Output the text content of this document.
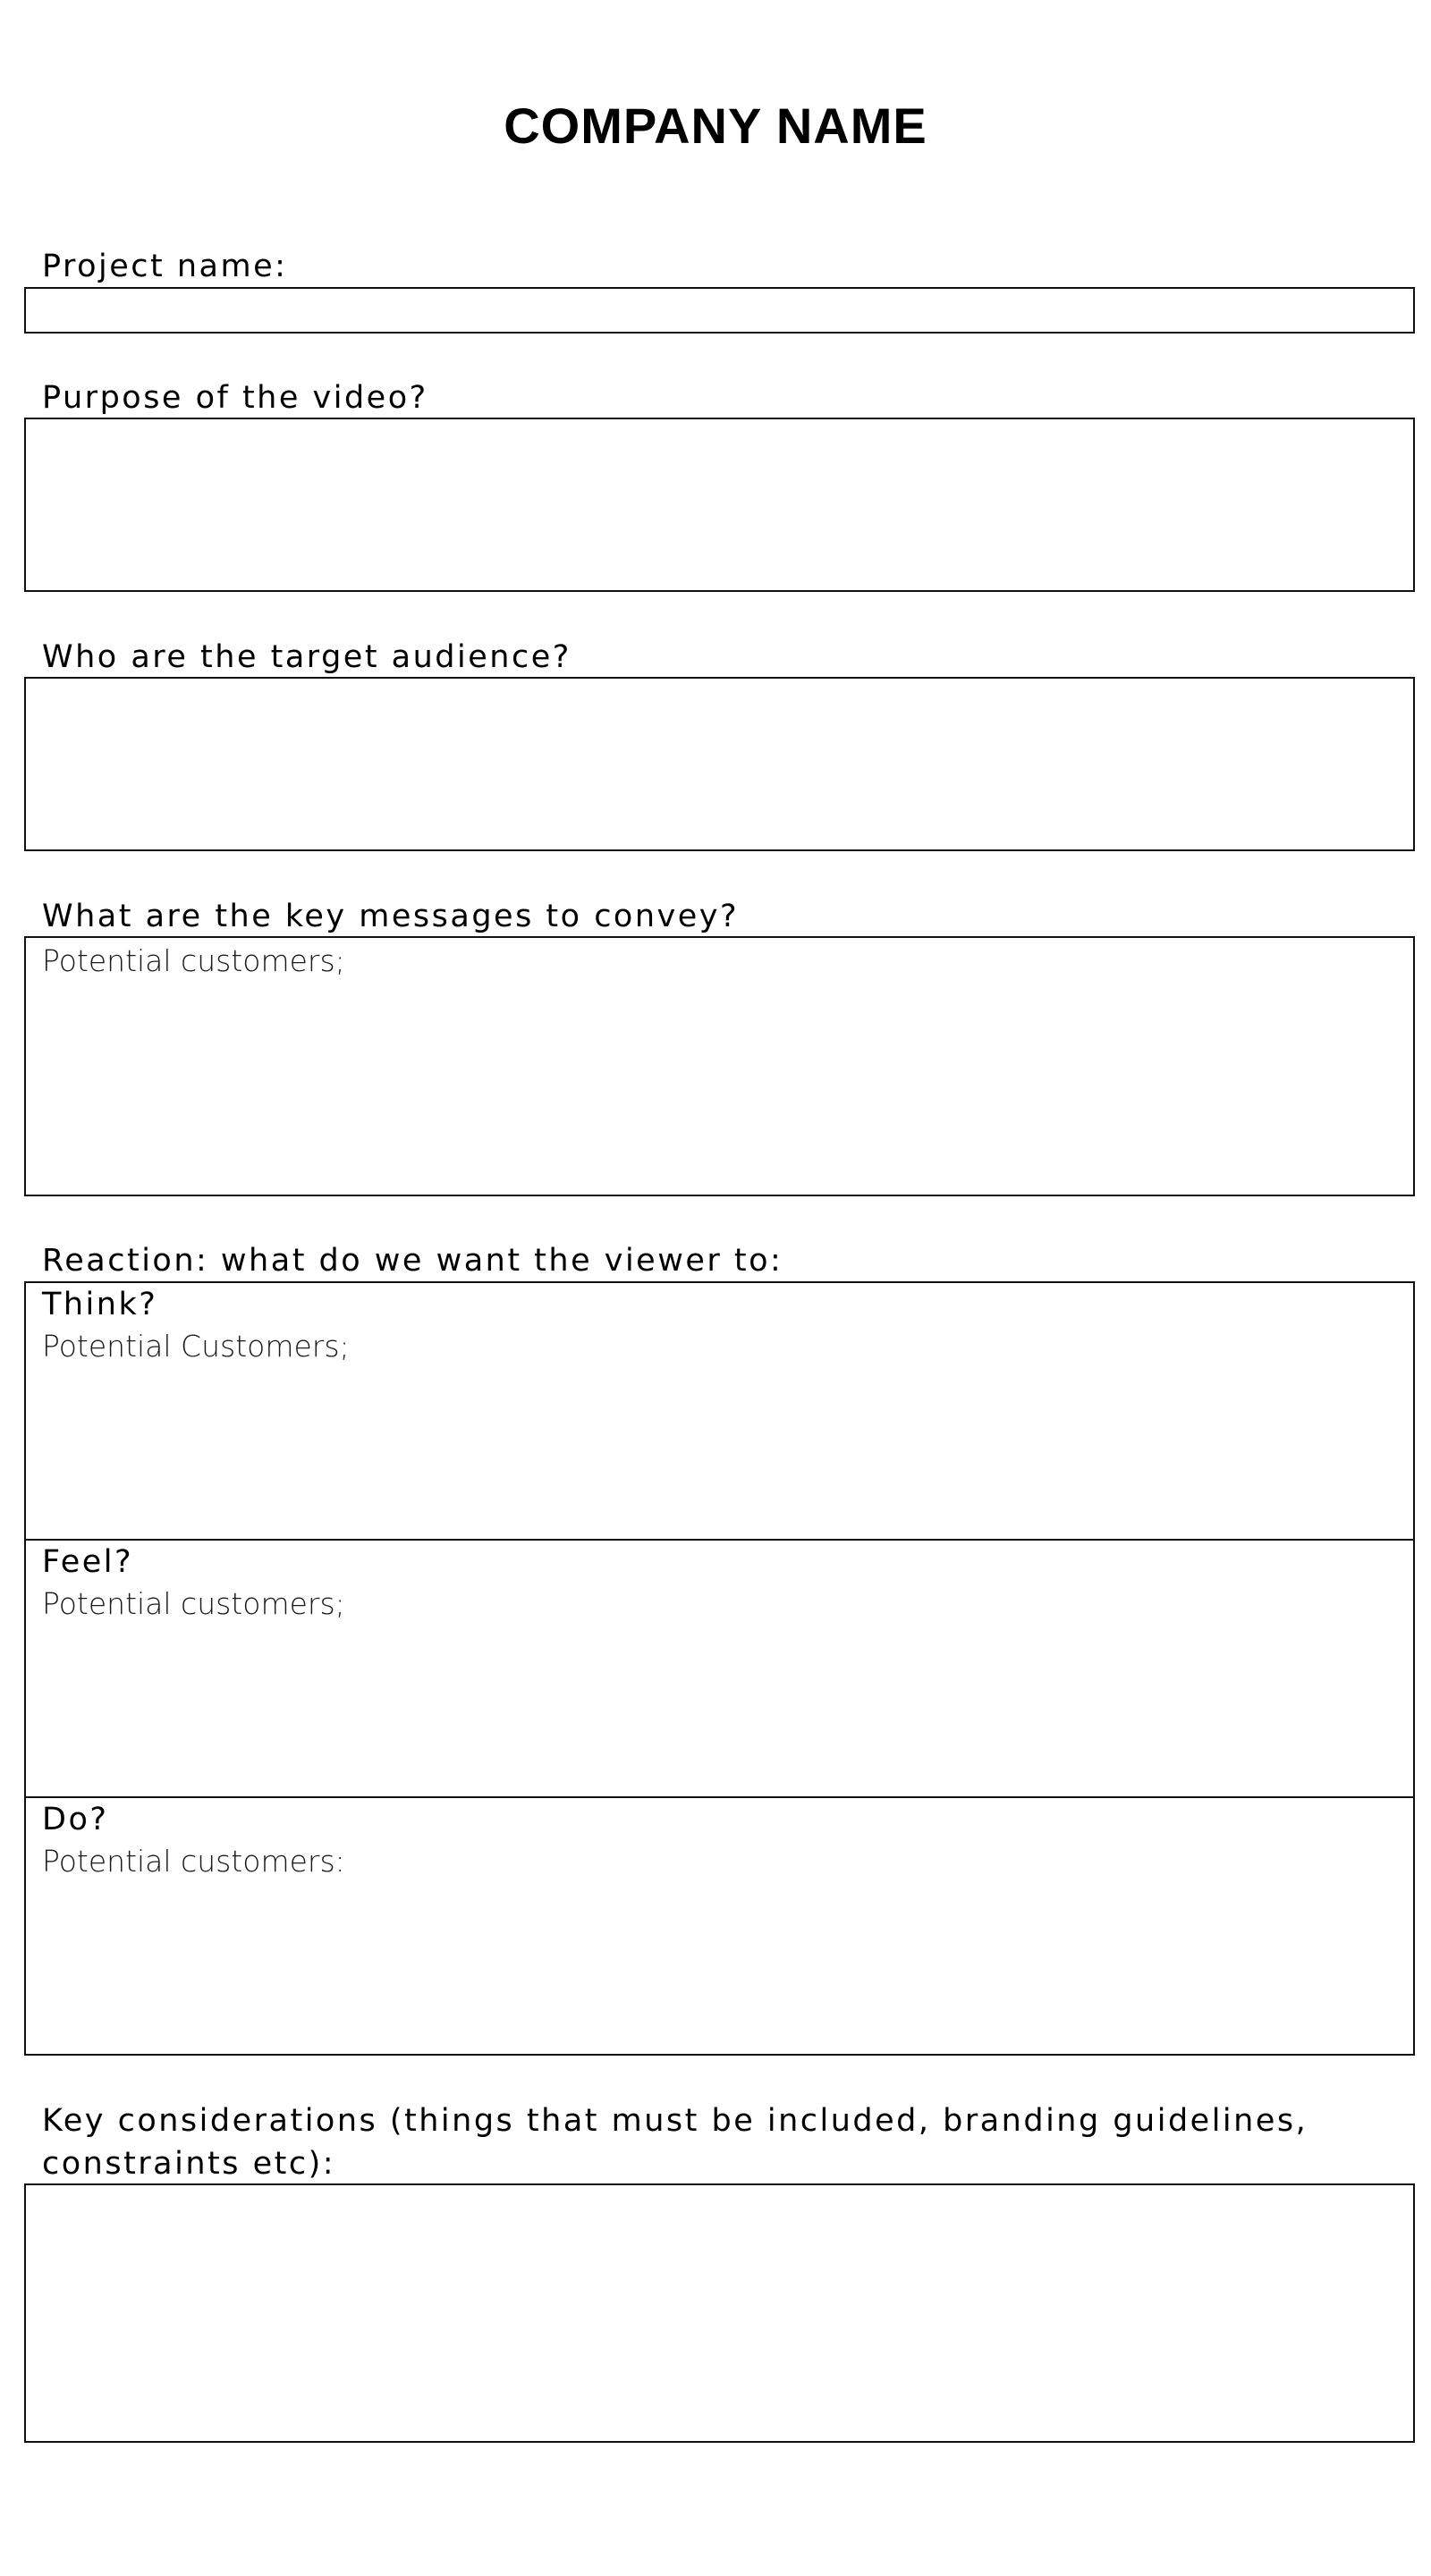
COMPANY NAME
Project name:
Purpose of the video?
Who are the target audience?
What are the key messages to convey?
Potential customers;
Reaction: what do we want the viewer to:
Think?
Potential Customers;
Feel?
Potential customers;
Do?
Potential customers:
Key considerations (things that must be included, branding guidelines, constraints etc):
